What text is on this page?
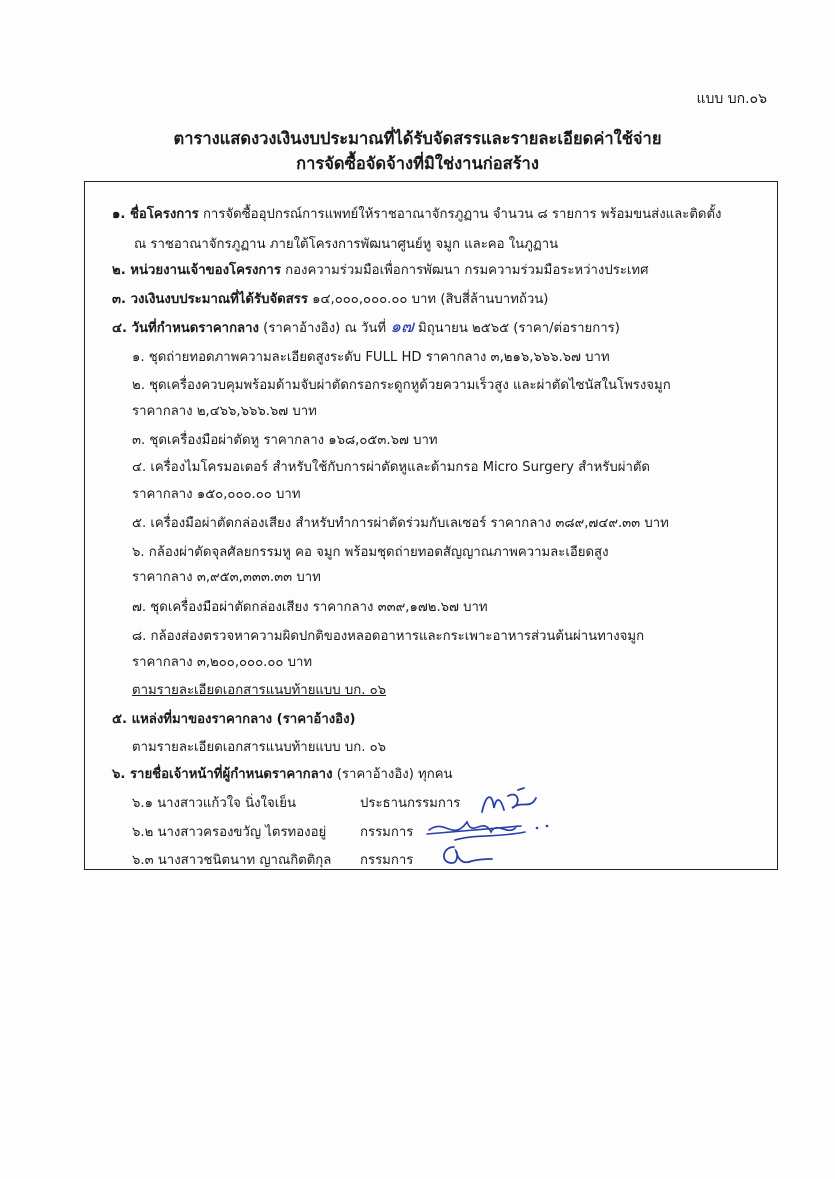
แบบ บก.๐๖
ตารางแสดงวงเงินงบประมาณที่ได้รับจัดสรรและรายละเอียดค่าใช้จ่าย
การจัดซื้อจัดจ้างที่มิใช่งานก่อสร้าง
๑. ชื่อโครงการ การจัดซื้ออุปกรณ์การแพทย์ให้ราชอาณาจักรภูฏาน จำนวน ๘ รายการ พร้อมขนส่งและติดตั้ง
ณ ราชอาณาจักรภูฏาน ภายใต้โครงการพัฒนาศูนย์หู จมูก และคอ ในภูฏาน
๒. หน่วยงานเจ้าของโครงการ กองความร่วมมือเพื่อการพัฒนา กรมความร่วมมือระหว่างประเทศ
๓. วงเงินงบประมาณที่ได้รับจัดสรร ๑๔,๐๐๐,๐๐๐.๐๐ บาท (สิบสี่ล้านบาทถ้วน)
๔. วันที่กำหนดราคากลาง (ราคาอ้างอิง) ณ วันที่ ๑๗ มิถุนายน ๒๕๖๕ (ราคา/ต่อรายการ)
๑. ชุดถ่ายทอดภาพความละเอียดสูงระดับ FULL HD ราคากลาง ๓,๒๑๖,๖๖๖.๖๗ บาท
๒. ชุดเครื่องควบคุมพร้อมด้ามจับผ่าตัดกรอกระดูกหูด้วยความเร็วสูง และผ่าตัดไซนัสในโพรงจมูก
ราคากลาง ๒,๔๖๖,๖๖๖.๖๗ บาท
๓. ชุดเครื่องมือผ่าตัดหู ราคากลาง ๑๖๘,๐๕๓.๖๗ บาท
๔. เครื่องไมโครมอเตอร์ สำหรับใช้กับการผ่าตัดหูและด้ามกรอ Micro Surgery สำหรับผ่าตัด
ราคากลาง ๑๕๐,๐๐๐.๐๐ บาท
๕. เครื่องมือผ่าตัดกล่องเสียง สำหรับทำการผ่าตัดร่วมกับเลเซอร์ ราคากลาง ๓๘๙,๗๔๙.๓๓ บาท
๖. กล้องผ่าตัดจุลศัลยกรรมหู คอ จมูก พร้อมชุดถ่ายทอดสัญญาณภาพความละเอียดสูง
ราคากลาง ๓,๙๕๓,๓๓๓.๓๓ บาท
๗. ชุดเครื่องมือผ่าตัดกล่องเสียง ราคากลาง ๓๓๙,๑๗๒.๖๗ บาท
๘. กล้องส่องตรวจหาความผิดปกติของหลอดอาหารและกระเพาะอาหารส่วนต้นผ่านทางจมูก
ราคากลาง ๓,๒๐๐,๐๐๐.๐๐ บาท
ตามรายละเอียดเอกสารแนบท้ายแบบ บก. ๐๖
๕. แหล่งที่มาของราคากลาง (ราคาอ้างอิง)
ตามรายละเอียดเอกสารแนบท้ายแบบ บก. ๐๖
๖. รายชื่อเจ้าหน้าที่ผู้กำหนดราคากลาง (ราคาอ้างอิง) ทุกคน
๖.๑ นางสาวแก้วใจ นิ่งใจเย็น	ประธานกรรมการ
๖.๒ นางสาวครองขวัญ ไตรทองอยู่	กรรมการ
๖.๓ นางสาวชนิตนาท ญาณกิตติกุล กรรมการ
